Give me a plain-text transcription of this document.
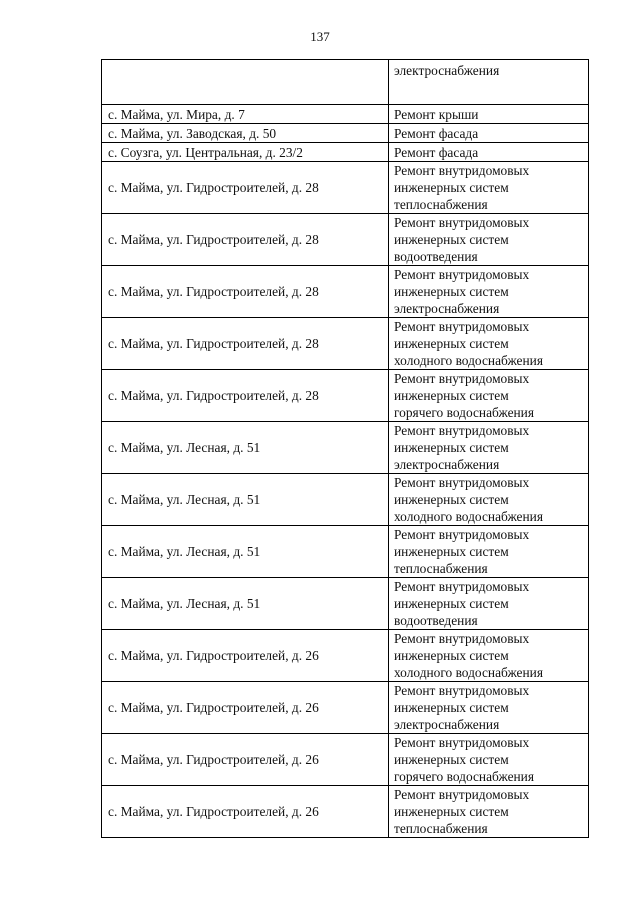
137

	электроснабжения

с. Майма, ул. Мира, д. 7	Ремонт крыши

с. Майма, ул. Заводская, д. 50	Ремонт фасада

с. Соузга, ул. Центральная, д. 23/2	Ремонт фасада

с. Майма, ул. Гидростроителей, д. 28	Ремонт внутридомовых
инженерных систем
теплоснабжения

с. Майма, ул. Гидростроителей, д. 28	Ремонт внутридомовых
инженерных систем
водоотведения

с. Майма, ул. Гидростроителей, д. 28	Ремонт внутридомовых
инженерных систем
электроснабжения

с. Майма, ул. Гидростроителей, д. 28	Ремонт внутридомовых
инженерных систем
холодного водоснабжения

с. Майма, ул. Гидростроителей, д. 28	Ремонт внутридомовых
инженерных систем
горячего водоснабжения

с. Майма, ул. Лесная, д. 51	Ремонт внутридомовых
инженерных систем
электроснабжения

с. Майма, ул. Лесная, д. 51	Ремонт внутридомовых
инженерных систем
холодного водоснабжения

с. Майма, ул. Лесная, д. 51	Ремонт внутридомовых
инженерных систем
теплоснабжения

с. Майма, ул. Лесная, д. 51	Ремонт внутридомовых
инженерных систем
водоотведения

с. Майма, ул. Гидростроителей, д. 26	Ремонт внутридомовых
инженерных систем
холодного водоснабжения

с. Майма, ул. Гидростроителей, д. 26	Ремонт внутридомовых
инженерных систем
электроснабжения

с. Майма, ул. Гидростроителей, д. 26	Ремонт внутридомовых
инженерных систем
горячего водоснабжения

с. Майма, ул. Гидростроителей, д. 26	Ремонт внутридомовых
инженерных систем
теплоснабжения
